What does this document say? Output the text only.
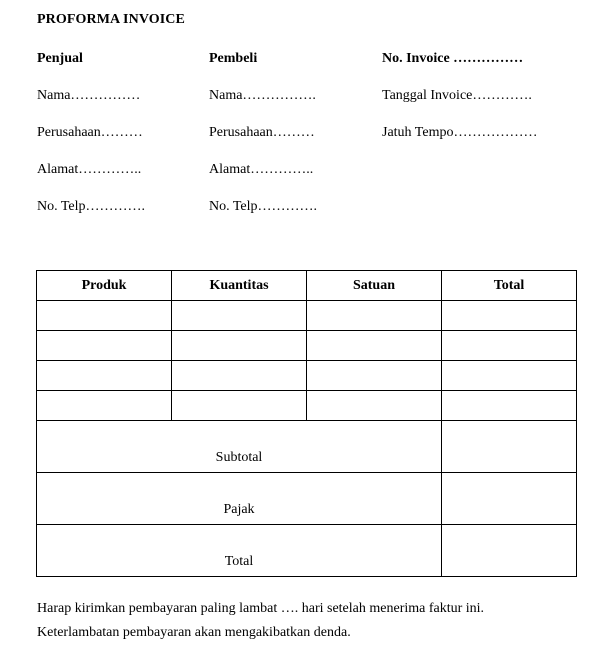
PROFORMA INVOICE
Penjual
Nama……………
Perusahaan………
Alamat…………..
No. Telp………….
Pembeli
Nama…………….
Perusahaan………
Alamat…………..
No. Telp………….
No. Invoice ……………
Tanggal Invoice………….
Jatuh Tempo………………
Produk	Kuantitas	Satuan	Total

Subtotal			
Pajak			
Total			
Harap kirimkan pembayaran paling lambat …. hari setelah menerima faktur ini.
Keterlambatan pembayaran akan mengakibatkan denda.
